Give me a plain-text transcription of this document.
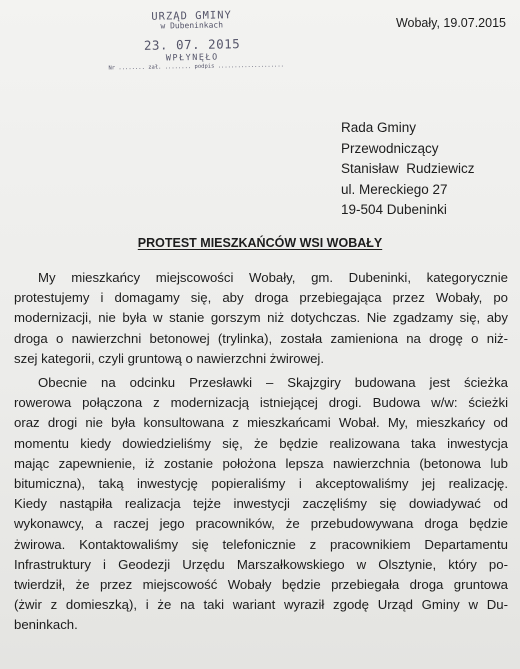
URZĄD GMINY
w Dubeninkach
23. 07. 2015
WPŁYNĘŁO
Nr ........ zał. ........ podpis ....................
Wobały, 19.07.2015
Rada Gminy
Przewodniczący
Stanisław  Rudziewicz
ul. Mereckiego 27
19-504 Dubeninki
PROTEST MIESZKAŃCÓW WSI WOBAŁY
My mieszkańcy miejscowości Wobały, gm. Dubeninki, kategorycznie
protestujemy i domagamy się, aby droga przebiegająca przez Wobały, po
modernizacji, nie była w stanie gorszym niż dotychczas. Nie zgadzamy się, aby
droga o nawierzchni betonowej (trylinka), została zamieniona na drogę o niż-
szej kategorii, czyli gruntową o nawierzchni żwirowej.
Obecnie na odcinku Przesławki – Skajzgiry budowana jest ścieżka
rowerowa połączona z modernizacją istniejącej drogi. Budowa w/w: ścieżki
oraz drogi nie była konsultowana z mieszkańcami Wobał. My, mieszkańcy od
momentu kiedy dowiedzieliśmy się, że będzie realizowana taka inwestycja
mając zapewnienie, iż zostanie położona lepsza nawierzchnia (betonowa lub
bitumiczna), taką inwestycję popieraliśmy i akceptowaliśmy jej realizację.
Kiedy nastąpiła realizacja tejże inwestycji zaczęliśmy się dowiadywać od
wykonawcy, a raczej jego pracowników, że przebudowywana droga będzie
żwirowa. Kontaktowaliśmy się telefonicznie z pracownikiem Departamentu
Infrastruktury i Geodezji Urzędu Marszałkowskiego w Olsztynie, który po-
twierdził, że przez miejscowość Wobały będzie przebiegała droga gruntowa
(żwir z domieszką), i że na taki wariant wyraził zgodę Urząd Gminy w Du-
beninkach.
